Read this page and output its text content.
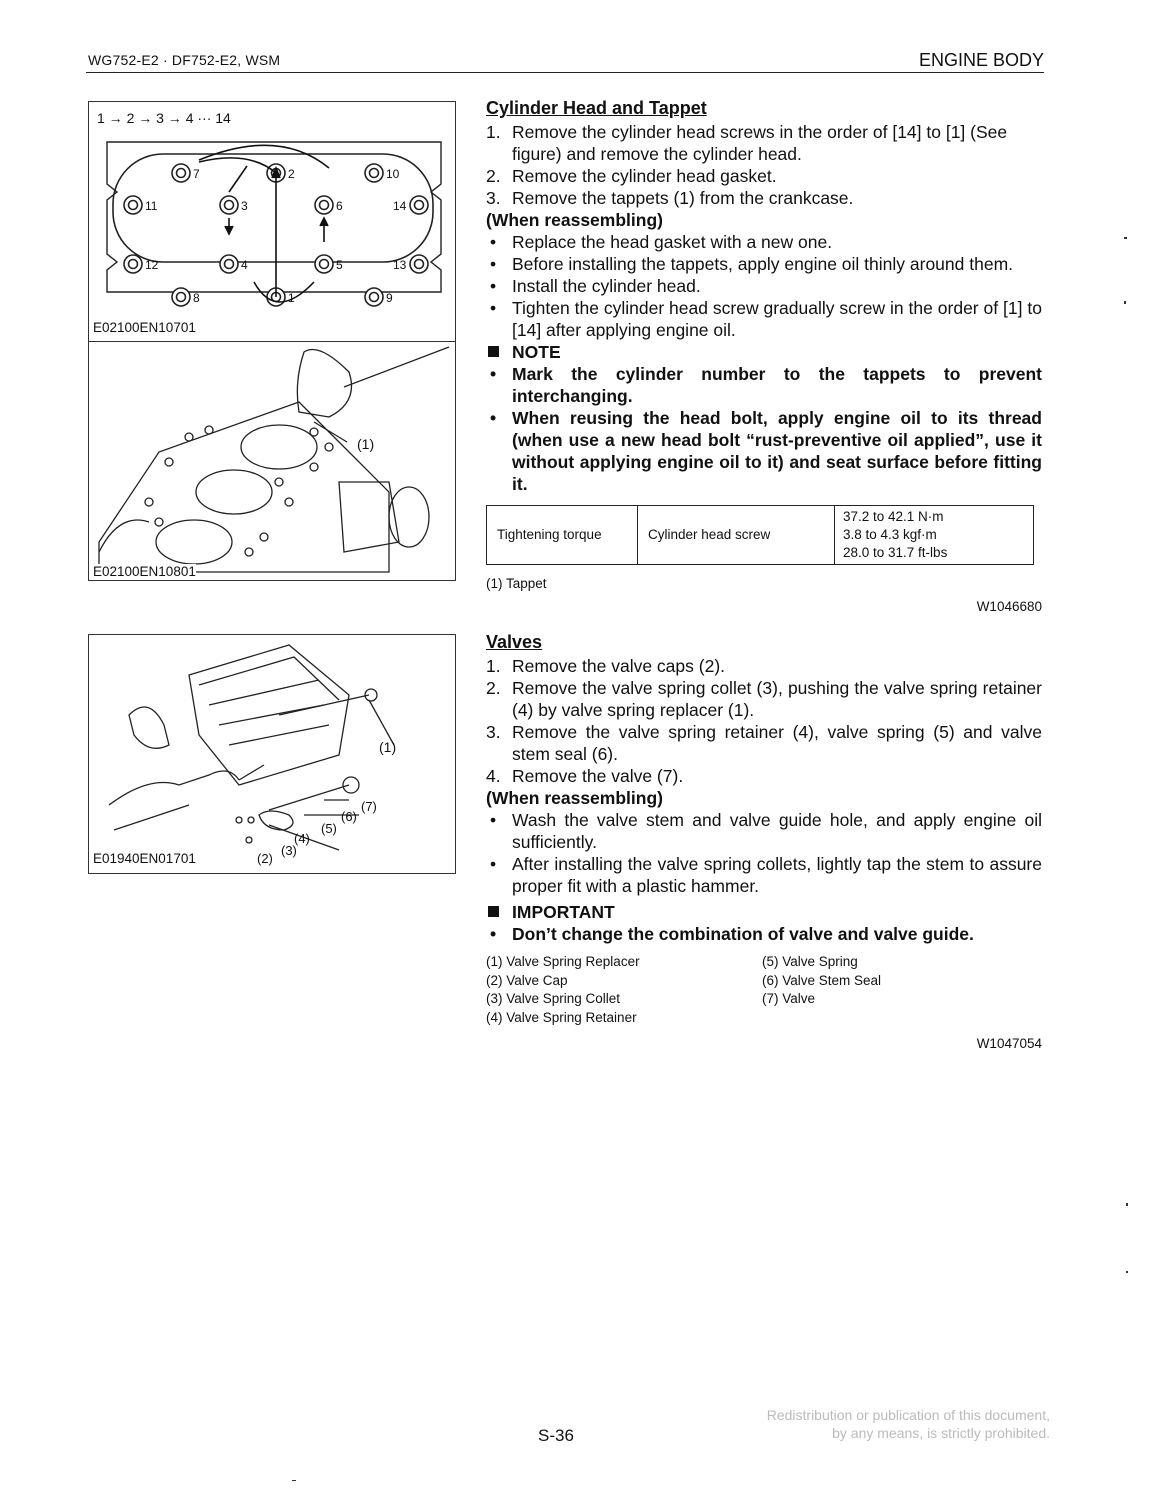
WG752-E2 · DF752-E2, WSM	ENGINE BODY
1 → 2 → 3 → 4 ··· 14
7	2	10
11	3	6	14
12	4	5	13
8	1	9
E02100EN10701
(1)
E02100EN10801
(1)
(2)
(3)
(4)
(5)
(6)
(7)
E01940EN01701
Cylinder Head and Tappet
1. Remove the cylinder head screws in the order of [14] to [1] (See figure) and remove the cylinder head.
2. Remove the cylinder head gasket.
3. Remove the tappets (1) from the crankcase.
(When reassembling)
• Replace the head gasket with a new one.
• Before installing the tappets, apply engine oil thinly around them.
• Install the cylinder head.
• Tighten the cylinder head screw gradually screw in the order of [1] to [14] after applying engine oil.
NOTE
• Mark the cylinder number to the tappets to prevent interchanging.
• When reusing the head bolt, apply engine oil to its thread (when use a new head bolt “rust-preventive oil applied”, use it without applying engine oil to it) and seat surface before fitting it.
Tightening torque	Cylinder head screw	
37.2 to 42.1 N·m
3.8 to 4.3 kgf·m
28.0 to 31.7 ft-lbs
(1) Tappet
W1046680
Valves
1. Remove the valve caps (2).
2. Remove the valve spring collet (3), pushing the valve spring retainer (4) by valve spring replacer (1).
3. Remove the valve spring retainer (4), valve spring (5) and valve stem seal (6).
4. Remove the valve (7).
(When reassembling)
• Wash the valve stem and valve guide hole, and apply engine oil sufficiently.
• After installing the valve spring collets, lightly tap the stem to assure proper fit with a plastic hammer.
IMPORTANT
• Don’t change the combination of valve and valve guide.
(1) Valve Spring Replacer	(5) Valve Spring
(2) Valve Cap	(6) Valve Stem Seal
(3) Valve Spring Collet	(7) Valve
(4) Valve Spring Retainer
W1047054
S-36
Redistribution or publication of this document,
by any means, is strictly prohibited.
